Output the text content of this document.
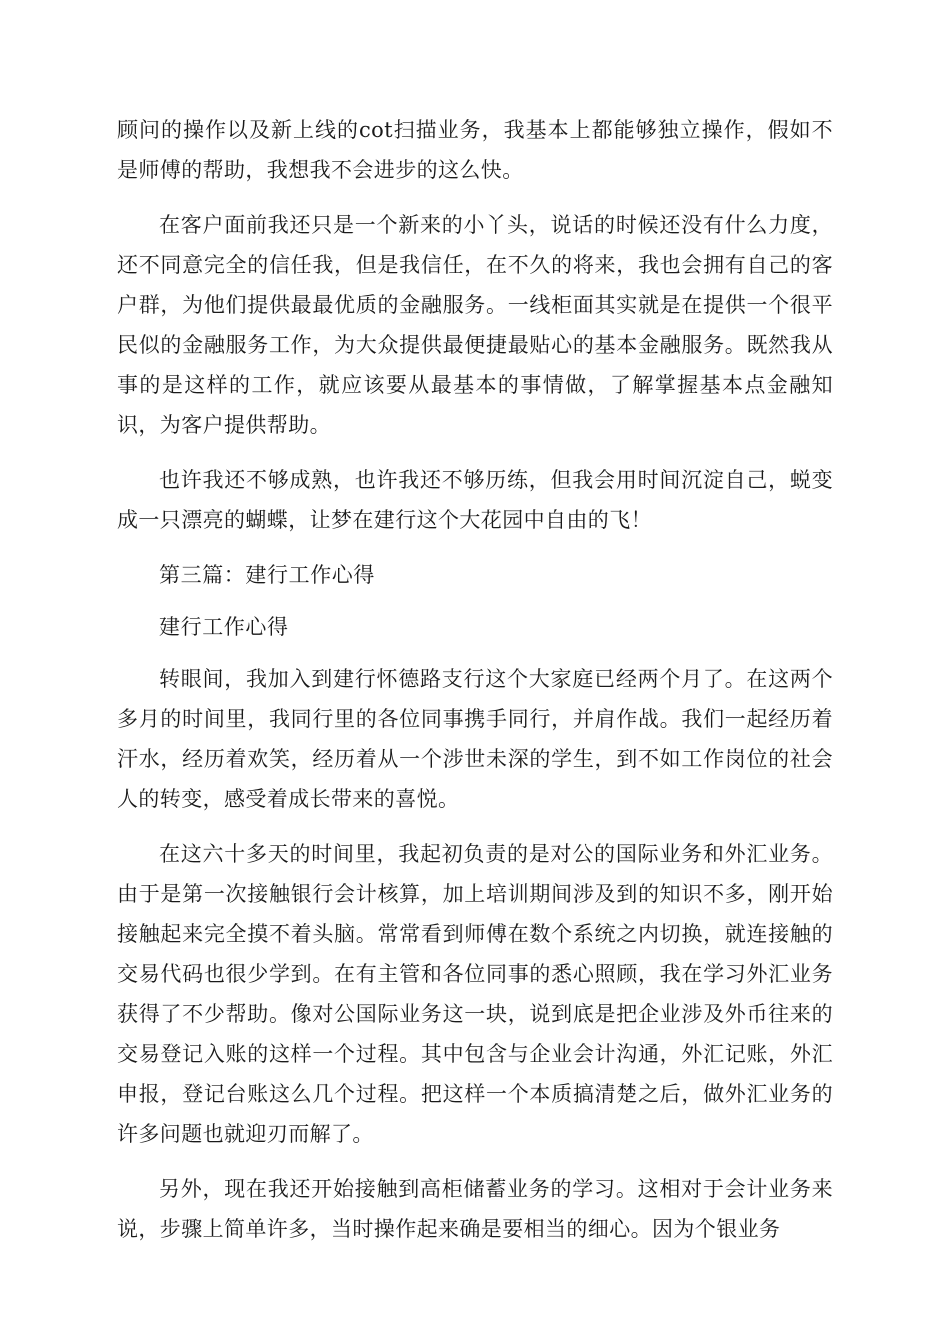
顾问的操作以及新上线的cot扫描业务，我基本上都能够独立操作，假如不是师傅的帮助，我想我不会进步的这么快。

在客户面前我还只是一个新来的小丫头，说话的时候还没有什么力度，还不同意完全的信任我，但是我信任，在不久的将来，我也会拥有自己的客户群，为他们提供最最优质的金融服务。一线柜面其实就是在提供一个很平民似的金融服务工作，为大众提供最便捷最贴心的基本金融服务。既然我从事的是这样的工作，就应该要从最基本的事情做，了解掌握基本点金融知识，为客户提供帮助。

也许我还不够成熟，也许我还不够历练，但我会用时间沉淀自己，蜕变成一只漂亮的蝴蝶，让梦在建行这个大花园中自由的飞！

第三篇：建行工作心得

建行工作心得

转眼间，我加入到建行怀德路支行这个大家庭已经两个月了。在这两个多月的时间里，我同行里的各位同事携手同行，并肩作战。我们一起经历着汗水，经历着欢笑，经历着从一个涉世未深的学生，到不如工作岗位的社会人的转变，感受着成长带来的喜悦。

在这六十多天的时间里，我起初负责的是对公的国际业务和外汇业务。由于是第一次接触银行会计核算，加上培训期间涉及到的知识不多，刚开始接触起来完全摸不着头脑。常常看到师傅在数个系统之内切换，就连接触的交易代码也很少学到。在有主管和各位同事的悉心照顾，我在学习外汇业务获得了不少帮助。像对公国际业务这一块，说到底是把企业涉及外币往来的交易登记入账的这样一个过程。其中包含与企业会计沟通，外汇记账，外汇申报，登记台账这么几个过程。把这样一个本质搞清楚之后，做外汇业务的许多问题也就迎刃而解了。

另外，现在我还开始接触到高柜储蓄业务的学习。这相对于会计业务来说，步骤上简单许多，当时操作起来确是要相当的细心。因为个银业务
